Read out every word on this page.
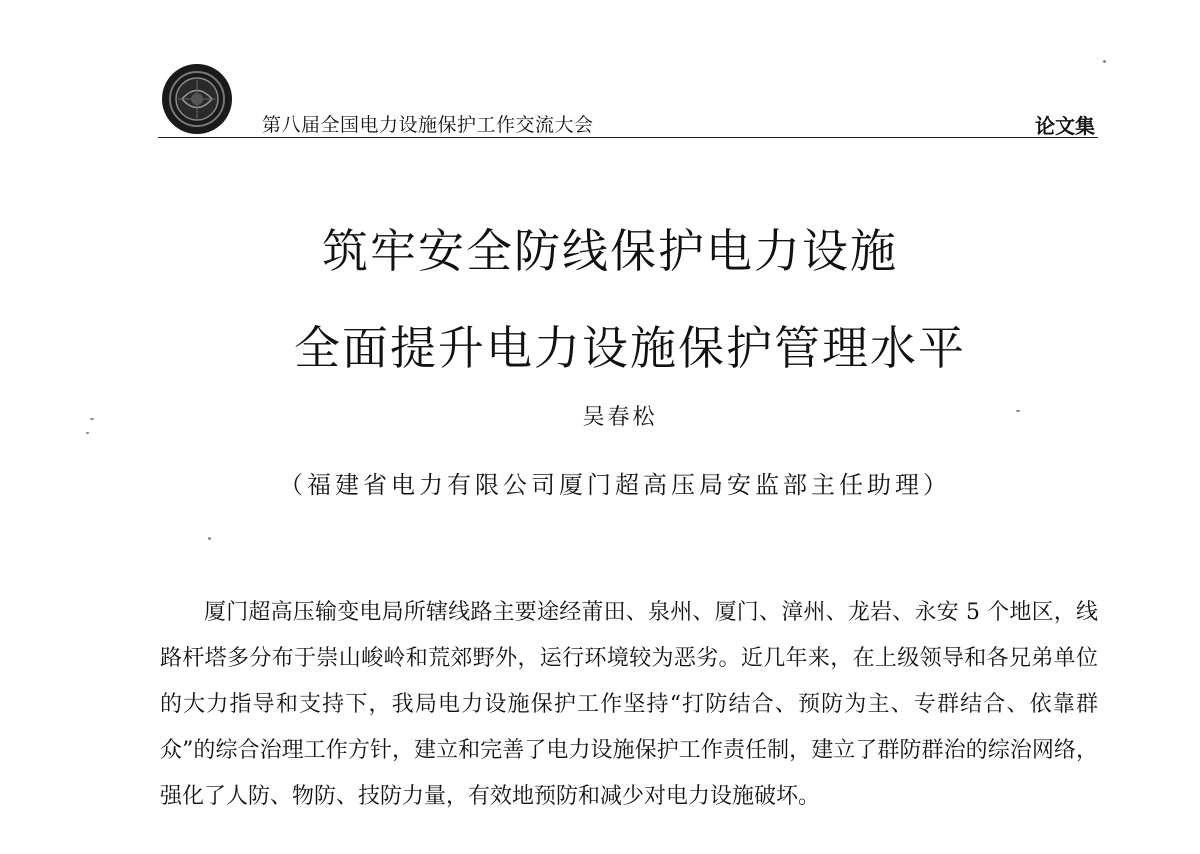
第八届全国电力设施保护工作交流大会	论文集
筑牢安全防线保护电力设施
全面提升电力设施保护管理水平
吴春松
（福建省电力有限公司厦门超高压局安监部主任助理）
厦门超高压输变电局所辖线路主要途经莆田、泉州、厦门、漳州、龙岩、永安 5 个地区，线路杆塔多分布于崇山峻岭和荒郊野外，运行环境较为恶劣。近几年来，在上级领导和各兄弟单位的大力指导和支持下，我局电力设施保护工作坚持“打防结合、预防为主、专群结合、依靠群众”的综合治理工作方针，建立和完善了电力设施保护工作责任制，建立了群防群治的综治网络，强化了人防、物防、技防力量，有效地预防和减少对电力设施破坏。
